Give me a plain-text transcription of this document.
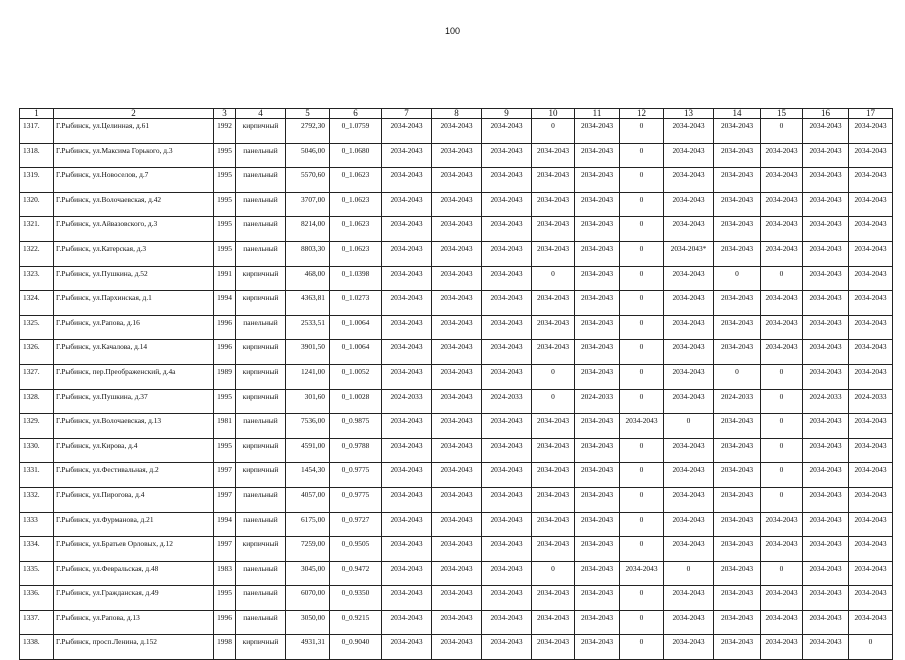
100
1	2	3	4	5	6	7	8	9	10	11	12	13	14	15	16	17
1317.	Г.Рыбинск, ул.Целинная, д.61	1992	кирпичный	2792,30	0_1.0759	2034-2043	2034-2043	2034-2043	0	2034-2043	0	2034-2043	2034-2043	0	2034-2043	2034-2043
1318.	Г.Рыбинск, ул.Максима Горького, д.3	1995	панельный	5046,00	0_1.0680	2034-2043	2034-2043	2034-2043	2034-2043	2034-2043	0	2034-2043	2034-2043	2034-2043	2034-2043	2034-2043
1319.	Г.Рыбинск, ул.Новоселов, д.7	1995	панельный	5570,60	0_1.0623	2034-2043	2034-2043	2034-2043	2034-2043	2034-2043	0	2034-2043	2034-2043	2034-2043	2034-2043	2034-2043
1320.	Г.Рыбинск, ул.Волочаевская, д.42	1995	панельный	3707,00	0_1.0623	2034-2043	2034-2043	2034-2043	2034-2043	2034-2043	0	2034-2043	2034-2043	2034-2043	2034-2043	2034-2043
1321.	Г.Рыбинск, ул.Айвазовского, д.3	1995	панельный	8214,00	0_1.0623	2034-2043	2034-2043	2034-2043	2034-2043	2034-2043	0	2034-2043	2034-2043	2034-2043	2034-2043	2034-2043
1322.	Г.Рыбинск, ул.Катерская, д.3	1995	панельный	8803,30	0_1.0623	2034-2043	2034-2043	2034-2043	2034-2043	2034-2043	0	2034-2043*	2034-2043	2034-2043	2034-2043	2034-2043
1323.	Г.Рыбинск, ул.Пушкина, д.52	1991	кирпичный	468,00	0_1.0398	2034-2043	2034-2043	2034-2043	0	2034-2043	0	2034-2043	0	0	2034-2043	2034-2043
1324.	Г.Рыбинск, ул.Пархинская, д.1	1994	кирпичный	4363,81	0_1.0273	2034-2043	2034-2043	2034-2043	2034-2043	2034-2043	0	2034-2043	2034-2043	2034-2043	2034-2043	2034-2043
1325.	Г.Рыбинск, ул.Рапова, д.16	1996	панельный	2533,51	0_1.0064	2034-2043	2034-2043	2034-2043	2034-2043	2034-2043	0	2034-2043	2034-2043	2034-2043	2034-2043	2034-2043
1326.	Г.Рыбинск, ул.Качалова, д.14	1996	кирпичный	3901,50	0_1.0064	2034-2043	2034-2043	2034-2043	2034-2043	2034-2043	0	2034-2043	2034-2043	2034-2043	2034-2043	2034-2043
1327.	Г.Рыбинск, пер.Преображенский, д.4а	1989	кирпичный	1241,00	0_1.0052	2034-2043	2034-2043	2034-2043	0	2034-2043	0	2034-2043	0	0	2034-2043	2034-2043
1328.	Г.Рыбинск, ул.Пушкина, д.37	1995	кирпичный	301,60	0_1.0028	2024-2033	2034-2043	2024-2033	0	2024-2033	0	2034-2043	2024-2033	0	2024-2033	2024-2033
1329.	Г.Рыбинск, ул.Волочаевская, д.13	1981	панельный	7536,00	0_0.9875	2034-2043	2034-2043	2034-2043	2034-2043	2034-2043	2034-2043	0	2034-2043	0	2034-2043	2034-2043
1330.	Г.Рыбинск, ул.Кирова, д.4	1995	кирпичный	4591,00	0_0.9788	2034-2043	2034-2043	2034-2043	2034-2043	2034-2043	0	2034-2043	2034-2043	0	2034-2043	2034-2043
1331.	Г.Рыбинск, ул.Фестивальная, д.2	1997	кирпичный	1454,30	0_0.9775	2034-2043	2034-2043	2034-2043	2034-2043	2034-2043	0	2034-2043	2034-2043	0	2034-2043	2034-2043
1332.	Г.Рыбинск, ул.Пирогова, д.4	1997	панельный	4057,00	0_0.9775	2034-2043	2034-2043	2034-2043	2034-2043	2034-2043	0	2034-2043	2034-2043	0	2034-2043	2034-2043
1333	Г.Рыбинск, ул.Фурманова, д.21	1994	панельный	6175,00	0_0.9727	2034-2043	2034-2043	2034-2043	2034-2043	2034-2043	0	2034-2043	2034-2043	2034-2043	2034-2043	2034-2043
1334.	Г.Рыбинск, ул.Братьев Орловых, д.12	1997	кирпичный	7259,00	0_0.9505	2034-2043	2034-2043	2034-2043	2034-2043	2034-2043	0	2034-2043	2034-2043	2034-2043	2034-2043	2034-2043
1335.	Г.Рыбинск, ул.Февральская, д.48	1983	панельный	3045,00	0_0.9472	2034-2043	2034-2043	2034-2043	0	2034-2043	2034-2043	0	2034-2043	0	2034-2043	2034-2043
1336.	Г.Рыбинск, ул.Гражданская, д.49	1995	панельный	6070,00	0_0.9350	2034-2043	2034-2043	2034-2043	2034-2043	2034-2043	0	2034-2043	2034-2043	2034-2043	2034-2043	2034-2043
1337.	Г.Рыбинск, ул.Рапова, д.13	1996	панельный	3050,00	0_0.9215	2034-2043	2034-2043	2034-2043	2034-2043	2034-2043	0	2034-2043	2034-2043	2034-2043	2034-2043	2034-2043
1338.	Г.Рыбинск, просп.Ленина, д.152	1998	кирпичный	4931,31	0_0.9040	2034-2043	2034-2043	2034-2043	2034-2043	2034-2043	0	2034-2043	2034-2043	2034-2043	2034-2043	0
